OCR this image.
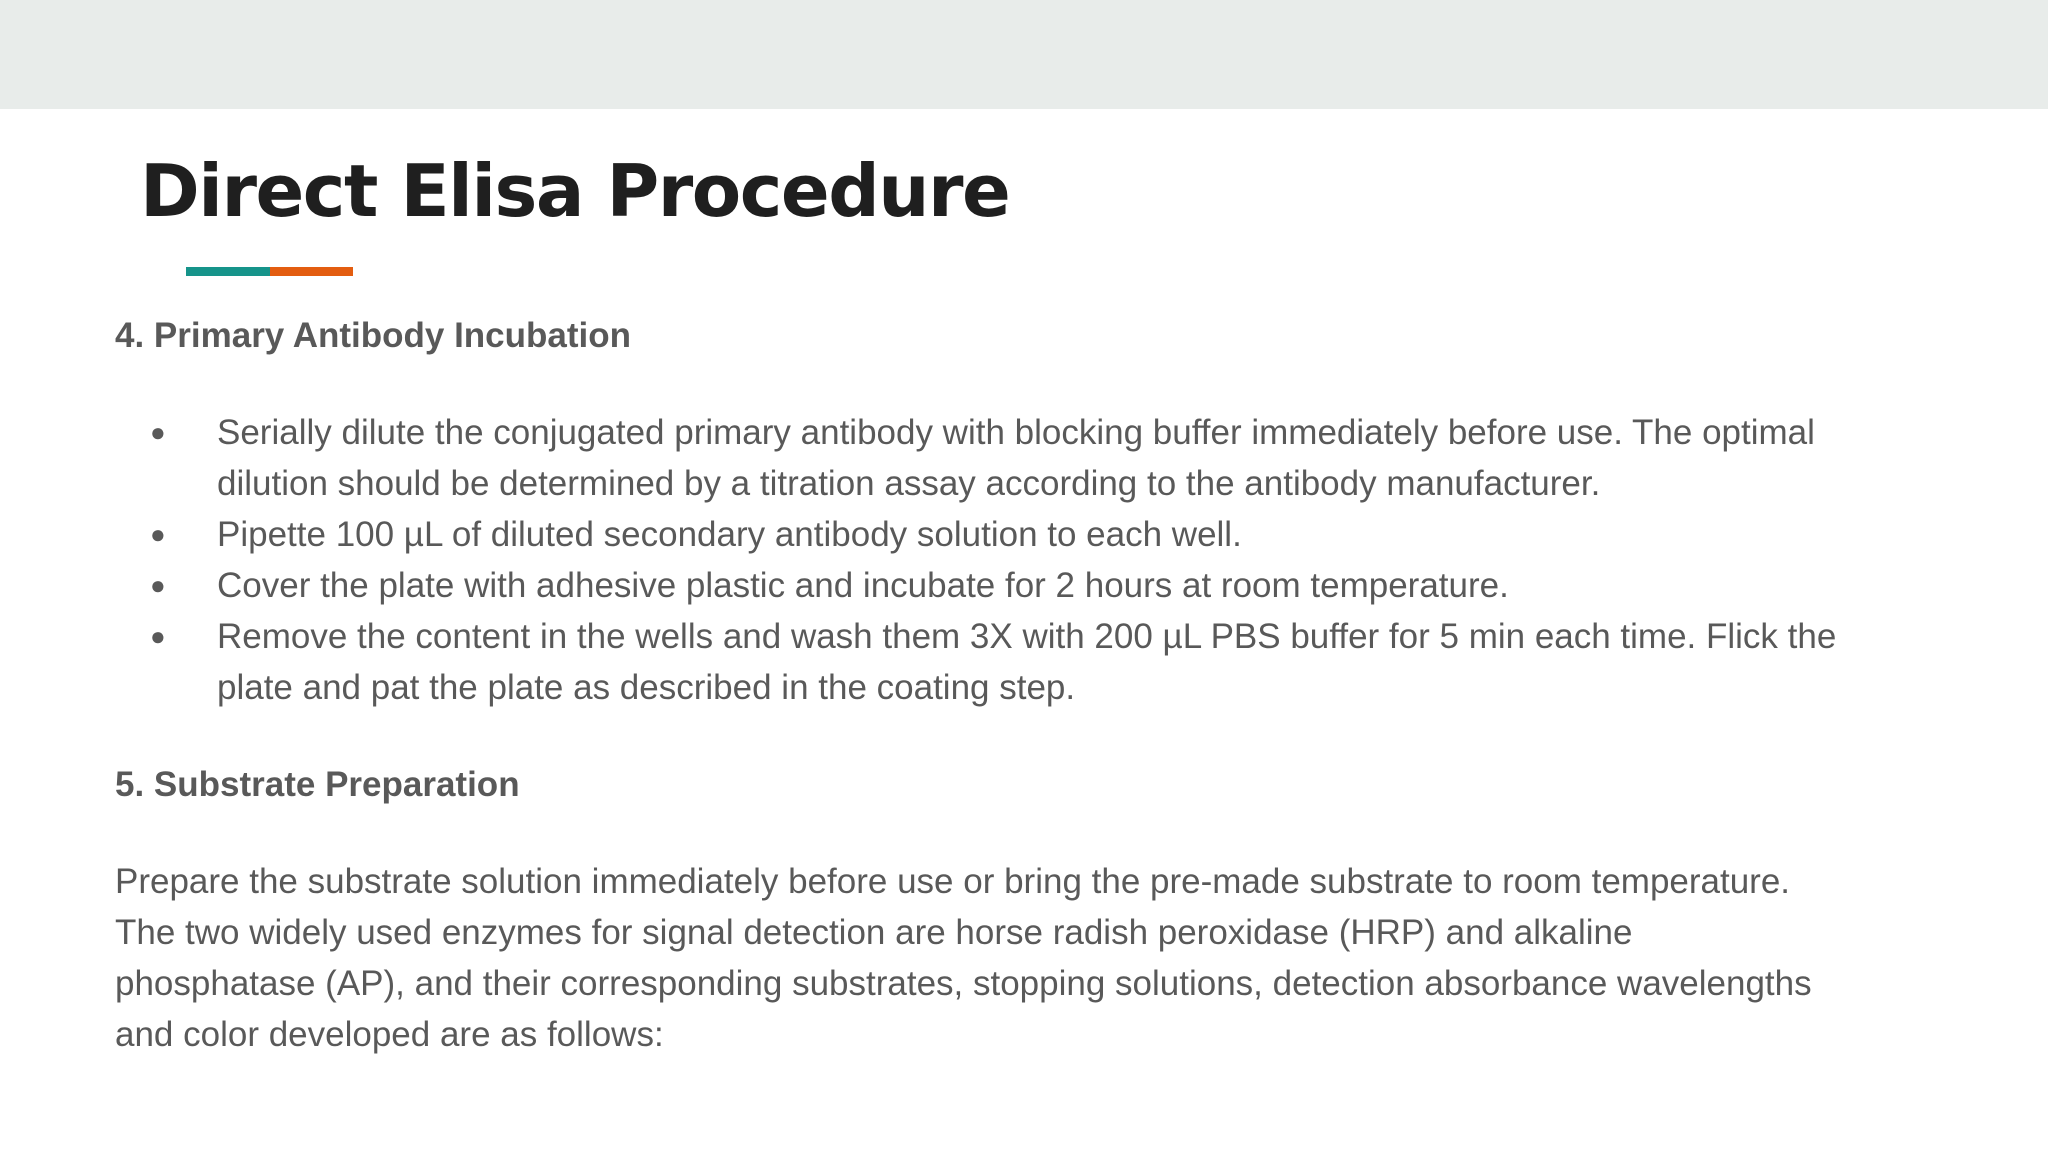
Direct Elisa Procedure

4. Primary Antibody Incubation

● Serially dilute the conjugated primary antibody with blocking buffer immediately before use. The optimal dilution should be determined by a titration assay according to the antibody manufacturer.
● Pipette 100 µL of diluted secondary antibody solution to each well.
● Cover the plate with adhesive plastic and incubate for 2 hours at room temperature.
● Remove the content in the wells and wash them 3X with 200 µL PBS buffer for 5 min each time. Flick the plate and pat the plate as described in the coating step.

5. Substrate Preparation

Prepare the substrate solution immediately before use or bring the pre-made substrate to room temperature. The two widely used enzymes for signal detection are horse radish peroxidase (HRP) and alkaline phosphatase (AP), and their corresponding substrates, stopping solutions, detection absorbance wavelengths and color developed are as follows:
